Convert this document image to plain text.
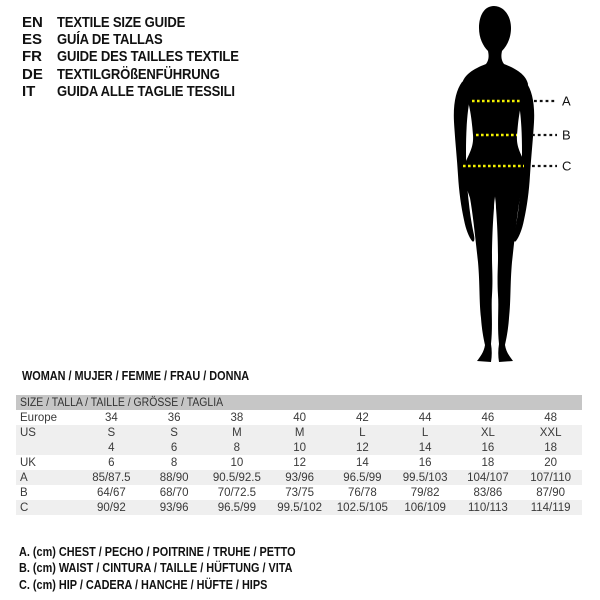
EN TEXTILE SIZE GUIDE
ES GUÍA DE TALLAS
FR	GUIDE DES TAILLES TEXTILE
DE TEXTILGRÖßENFÜHRUNG
IT	GUIDA ALLE TAGLIE TESSILI
A
B
C
WOMAN / MUJER / FEMME / FRAU / DONNA
SIZE / TALLA / TAILLE / GRÖSSE / TAGLIA
Europe	34	36	38	40	42	44	46	48
US	S	S	M	M	L	L	XL	XXL
4	6	8	10	12	14	16	18
UK	6	8	10	12	14	16	18	20
A	85/87.5	88/90	90.5/92.5	93/96	96.5/99	99.5/103	104/107	107/110
B	64/67	68/70	70/72.5	73/75	76/78	79/82	83/86	87/90
C	90/92	93/96	96.5/99	99.5/102	102.5/105	106/109	110/113	114/119
A. (cm) CHEST / PECHO / POITRINE / TRUHE / PETTO
B. (cm) WAIST / CINTURA / TAILLE / HÜFTUNG / VITA
C. (cm) HIP / CADERA / HANCHE / HÜFTE / HIPS
